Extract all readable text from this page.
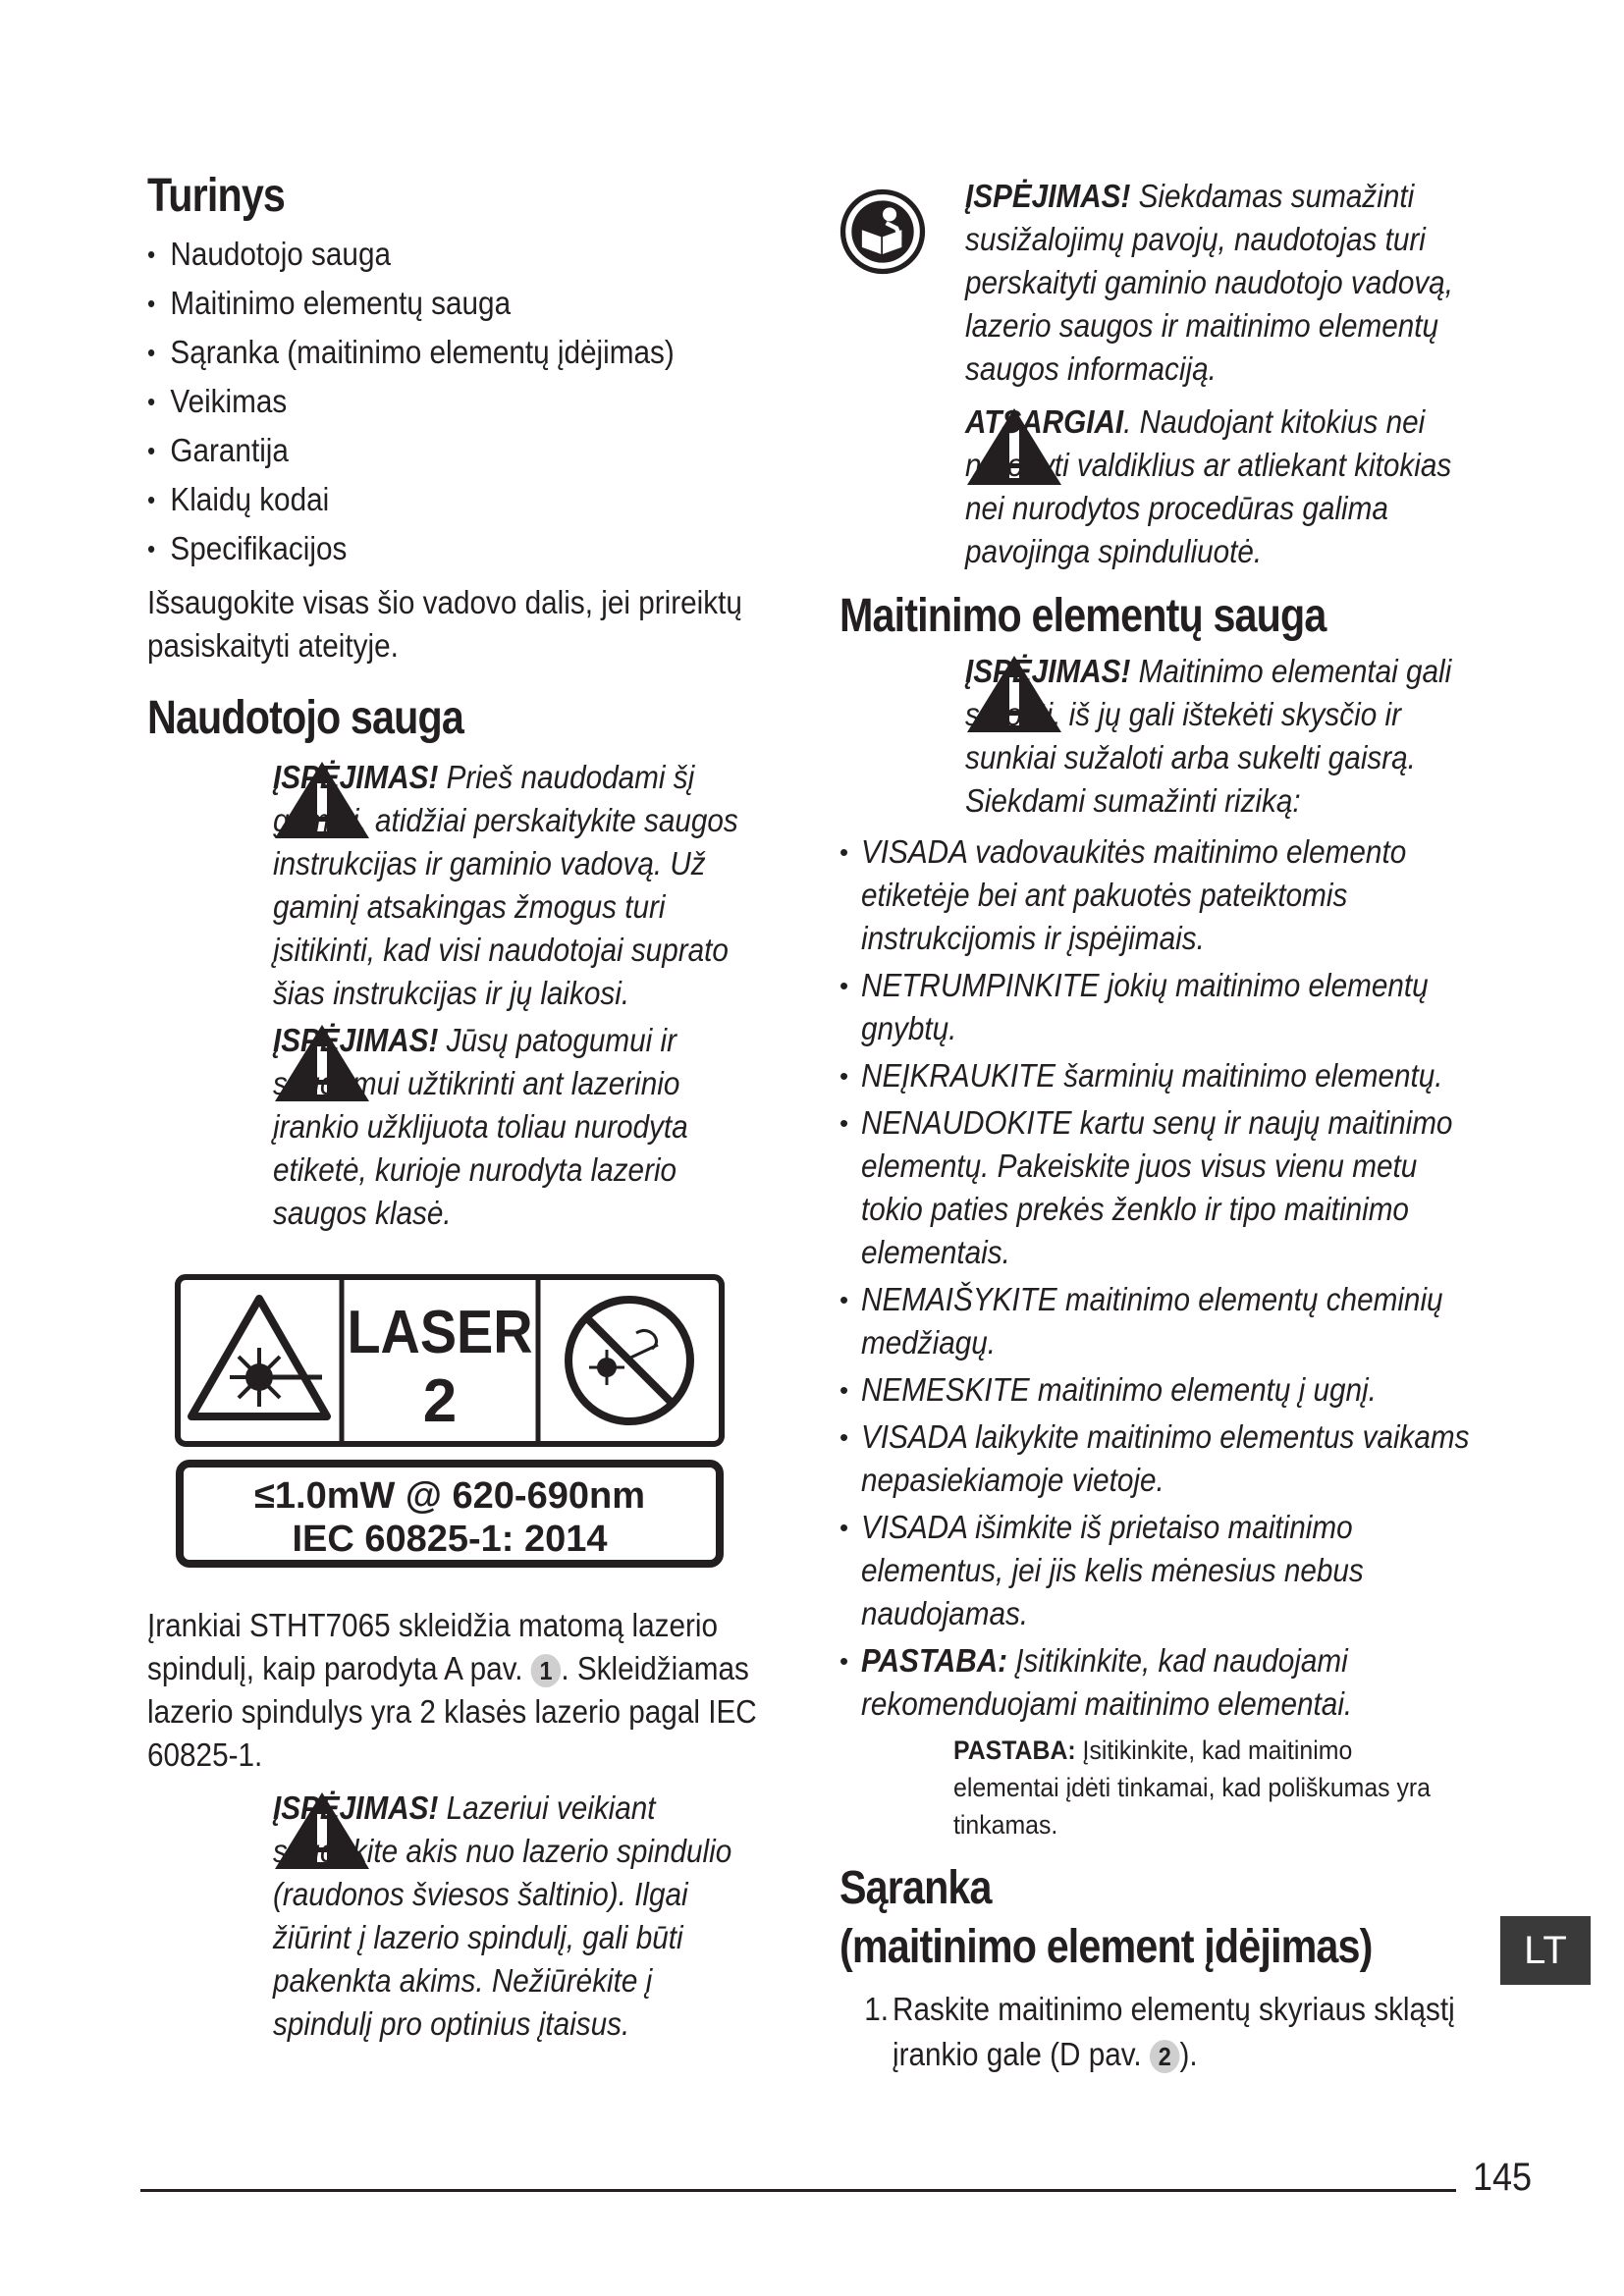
Turinys
• Naudotojo sauga
• Maitinimo elementų sauga
• Sąranka (maitinimo elementų įdėjimas)
• Veikimas
• Garantija
• Klaidų kodai
• Specifikacijos

Išsaugokite visas šio vadovo dalis, jei prireiktų pasiskaityti ateityje.

Naudotojo sauga
ĮSPĖJIMAS! Prieš naudodami šį gaminį, atidžiai perskaitykite saugos instrukcijas ir gaminio vadovą. Už gaminį atsakingas žmogus turi įsitikinti, kad visi naudotojai suprato šias instrukcijas ir jų laikosi.
ĮSPĖJIMAS! Jūsų patogumui ir saugumui užtikrinti ant lazerinio įrankio užklijuota toliau nurodyta etiketė, kurioje nurodyta lazerio saugos klasė.
LASER
2
≤1.0mW @ 620-690nm
IEC 60825-1: 2014

Įrankiai STHT7065 skleidžia matomą lazerio spindulį, kaip parodyta A pav. 1 . Skleidžiamas lazerio spindulys yra 2 klasės lazerio pagal IEC 60825-1.

ĮSPĖJIMAS! Lazeriui veikiant saugokite akis nuo lazerio spindulio (raudonos šviesos šaltinio). Ilgai žiūrint į lazerio spindulį, gali būti pakenkta akims. Nežiūrėkite į spindulį pro optinius įtaisus.
ĮSPĖJIMAS! Siekdamas sumažinti susižalojimų pavojų, naudotojas turi perskaityti gaminio naudotojo vadovą, lazerio saugos ir maitinimo elementų saugos informaciją.
ATSARGIAI. Naudojant kitokius nei nurodyti valdiklius ar atliekant kitokias nei nurodytos procedūras galima pavojinga spinduliuotė.
Maitinimo elementų sauga
ĮSPĖJIMAS! Maitinimo elementai gali sprogti, iš jų gali ištekėti skysčio ir sunkiai sužaloti arba sukelti gaisrą. Siekdami sumažinti riziką:
• VISADA vadovaukitės maitinimo elemento etiketėje bei ant pakuotės pateiktomis instrukcijomis ir įspėjimais.
• NETRUMPINKITE jokių maitinimo elementų gnybtų.
• NEĮKRAUKITE šarminių maitinimo elementų.
• NENAUDOKITE kartu senų ir naujų maitinimo elementų. Pakeiskite juos visus vienu metu tokio paties prekės ženklo ir tipo maitinimo elementais.
• NEMAIŠYKITE maitinimo elementų cheminių medžiagų.
• NEMESKITE maitinimo elementų į ugnį.
• VISADA laikykite maitinimo elementus vaikams nepasiekiamoje vietoje.
• VISADA išimkite iš prietaiso maitinimo elementus, jei jis kelis mėnesius nebus naudojamas.
• PASTABA: Įsitikinkite, kad naudojami rekomenduojami maitinimo elementai.
PASTABA: Įsitikinkite, kad maitinimo elementai įdėti tinkamai, kad poliškumas yra tinkamas.
Sąranka
(maitinimo element įdėjimas)
1. Raskite maitinimo elementų skyriaus skląstį įrankio gale (D pav. 2 ).
LT
145
